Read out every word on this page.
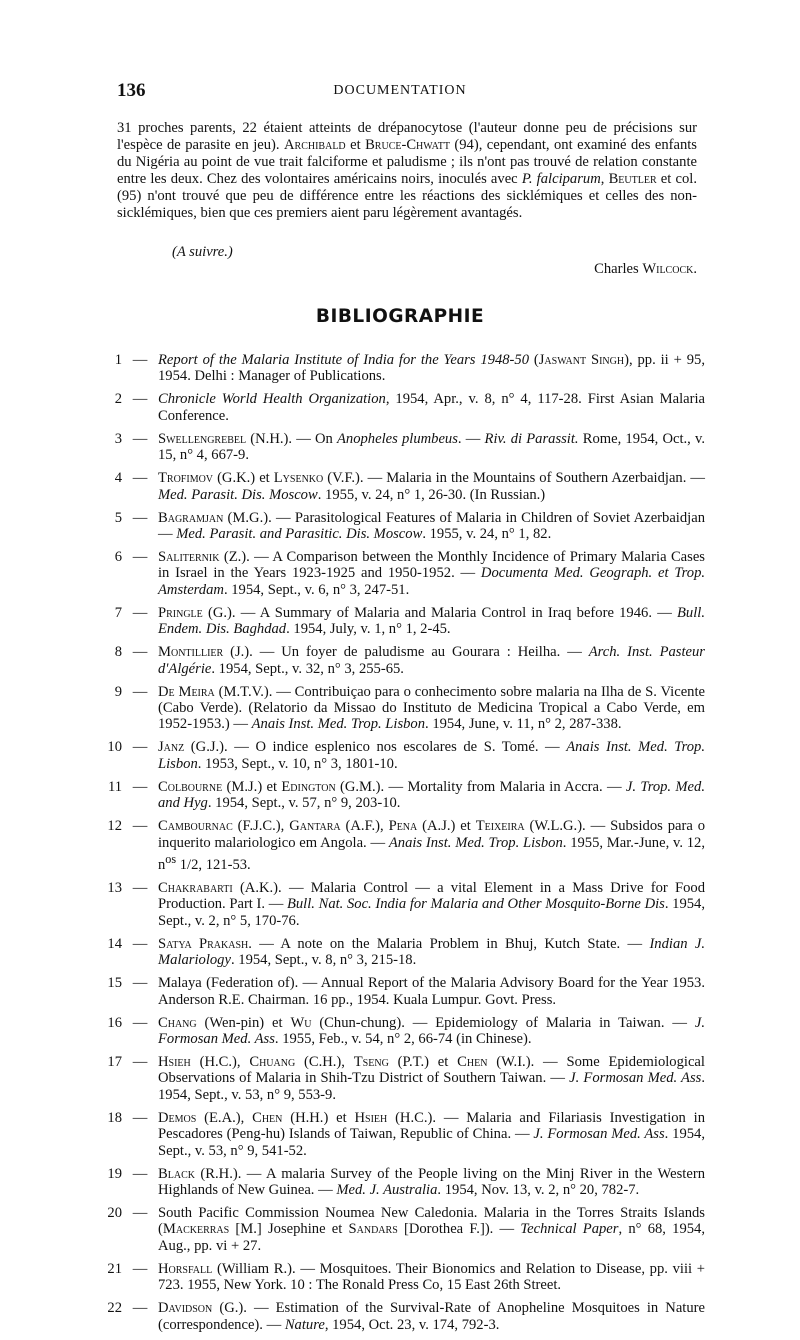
136	DOCUMENTATION

31 proches parents, 22 étaient atteints de drépanocytose (l'auteur donne peu de précisions sur l'espèce de parasite en jeu). Archibald et Bruce-Chwatt (94), cependant, ont examiné des enfants du Nigéria au point de vue trait falciforme et paludisme ; ils n'ont pas trouvé de relation constante entre les deux. Chez des volontaires américains noirs, inoculés avec P. falciparum, Beutler et col. (95) n'ont trouvé que peu de différence entre les réactions des sicklémiques et celles des non-sicklémiques, bien que ces premiers aient paru légèrement avantagés.

(A suivre.)
Charles Wilcock.
BIBLIOGRAPHIE
1 — Report of the Malaria Institute of India for the Years 1948-50 (Jaswant Singh), pp. ii + 95, 1954. Delhi : Manager of Publications.
2 — Chronicle World Health Organization, 1954, Apr., v. 8, n° 4, 117-28. First Asian Malaria Conference.
3 — Swellengrebel (N.H.). — On Anopheles plumbeus. — Riv. di Parassit. Rome, 1954, Oct., v. 15, n° 4, 667-9.
4 — Trofimov (G.K.) et Lysenko (V.F.). — Malaria in the Mountains of Southern Azerbaidjan. — Med. Parasit. Dis. Moscow. 1955, v. 24, n° 1, 26-30. (In Russian.)
5 — Bagramjan (M.G.). — Parasitological Features of Malaria in Children of Soviet Azerbaidjan — Med. Parasit. and Parasitic. Dis. Moscow. 1955, v. 24, n° 1, 82.
6 — Saliternik (Z.). — A Comparison between the Monthly Incidence of Primary Malaria Cases in Israel in the Years 1923-1925 and 1950-1952. — Documenta Med. Geograph. et Trop. Amsterdam. 1954, Sept., v. 6, n° 3, 247-51.
7 — Pringle (G.). — A Summary of Malaria and Malaria Control in Iraq before 1946. — Bull. Endem. Dis. Baghdad. 1954, July, v. 1, n° 1, 2-45.
8 — Montillier (J.). — Un foyer de paludisme au Gourara : Heilha. — Arch. Inst. Pasteur d'Algérie. 1954, Sept., v. 32, n° 3, 255-65.
9 — De Meira (M.T.V.). — Contribuiçao para o conhecimento sobre malaria na Ilha de S. Vicente (Cabo Verde). (Relatorio da Missao do Instituto de Medicina Tropical a Cabo Verde, em 1952-1953.) — Anais Inst. Med. Trop. Lisbon. 1954, June, v. 11, n° 2, 287-338.
10 — Janz (G.J.). — O indice esplenico nos escolares de S. Tomé. — Anais Inst. Med. Trop. Lisbon. 1953, Sept., v. 10, n° 3, 1801-10.
11 — Colbourne (M.J.) et Edington (G.M.). — Mortality from Malaria in Accra. — J. Trop. Med. and Hyg. 1954, Sept., v. 57, n° 9, 203-10.
12 — Cambournac (F.J.C.), Gantara (A.F.), Pena (A.J.) et Teixeira (W.L.G.). — Subsidos para o inquerito malariologico em Angola. — Anais Inst. Med. Trop. Lisbon. 1955, Mar.-June, v. 12, $n^{os}$ 1/2, 121-53.
13 — Chakrabarti (A.K.). — Malaria Control — a vital Element in a Mass Drive for Food Production. Part I. — Bull. Nat. Soc. India for Malaria and Other Mosquito-Borne Dis. 1954, Sept., v. 2, n° 5, 170-76.
14 — Satya Prakash. — A note on the Malaria Problem in Bhuj, Kutch State. — Indian J. Malariology. 1954, Sept., v. 8, n° 3, 215-18.
15 — Malaya (Federation of). — Annual Report of the Malaria Advisory Board for the Year 1953. Anderson R.E. Chairman. 16 pp., 1954. Kuala Lumpur. Govt. Press.
16 — Chang (Wen-pin) et Wu (Chun-chung). — Epidemiology of Malaria in Taiwan. — J. Formosan Med. Ass. 1955, Feb., v. 54, n° 2, 66-74 (in Chinese).
17 — Hsieh (H.C.), Chuang (C.H.), Tseng (P.T.) et Chen (W.I.). — Some Epidemiological Observations of Malaria in Shih-Tzu District of Southern Taiwan. — J. Formosan Med. Ass. 1954, Sept., v. 53, n° 9, 553-9.
18 — Demos (E.A.), Chen (H.H.) et Hsieh (H.C.). — Malaria and Filariasis Investigation in Pescadores (Peng-hu) Islands of Taiwan, Republic of China. — J. Formosan Med. Ass. 1954, Sept., v. 53, n° 9, 541-52.
19 — Black (R.H.). — A malaria Survey of the People living on the Minj River in the Western Highlands of New Guinea. — Med. J. Australia. 1954, Nov. 13, v. 2, n° 20, 782-7.
20 — South Pacific Commission Noumea New Caledonia. Malaria in the Torres Straits Islands (Mackerras [M.] Josephine et Sandars [Dorothea F.]). — Technical Paper, n° 68, 1954, Aug., pp. vi + 27.
21 — Horsfall (William R.). — Mosquitoes. Their Bionomics and Relation to Disease, pp. viii + 723. 1955, New York. 10 : The Ronald Press Co, 15 East 26th Street.
22 — Davidson (G.). — Estimation of the Survival-Rate of Anopheline Mosquitoes in Nature (correspondence). — Nature, 1954, Oct. 23, v. 174, 792-3.
